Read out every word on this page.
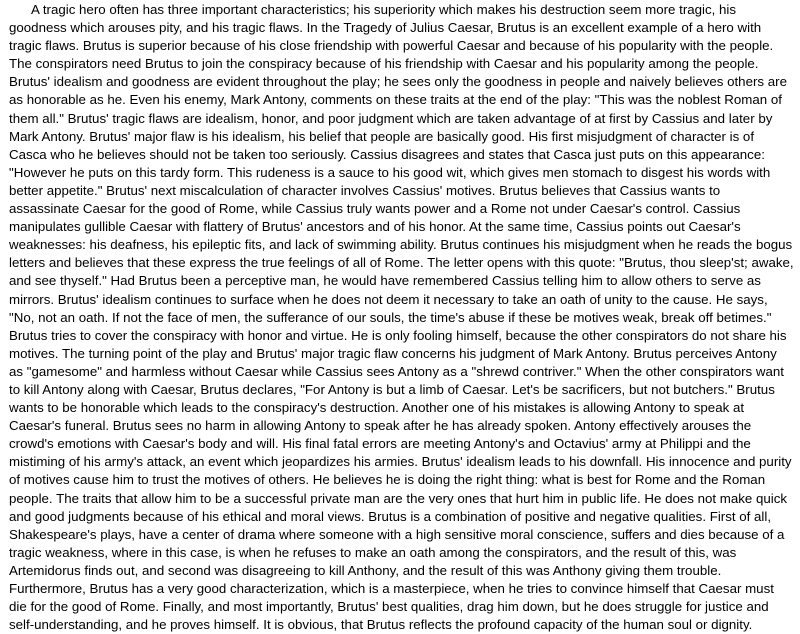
A tragic hero often has three important characteristics; his superiority which makes his destruction seem more tragic, his goodness which arouses pity, and his tragic flaws. In the Tragedy of Julius Caesar, Brutus is an excellent example of a hero with tragic flaws. Brutus is superior because of his close friendship with powerful Caesar and because of his popularity with the people. The conspirators need Brutus to join the conspiracy because of his friendship with Caesar and his popularity among the people. Brutus' idealism and goodness are evident throughout the play; he sees only the goodness in people and naively believes others are as honorable as he. Even his enemy, Mark Antony, comments on these traits at the end of the play: "This was the noblest Roman of them all." Brutus' tragic flaws are idealism, honor, and poor judgment which are taken advantage of at first by Cassius and later by Mark Antony. Brutus' major flaw is his idealism, his belief that people are basically good. His first misjudgment of character is of Casca who he believes should not be taken too seriously. Cassius disagrees and states that Casca just puts on this appearance: "However he puts on this tardy form. This rudeness is a sauce to his good wit, which gives men stomach to disgest his words with better appetite." Brutus' next miscalculation of character involves Cassius' motives. Brutus believes that Cassius wants to assassinate Caesar for the good of Rome, while Cassius truly wants power and a Rome not under Caesar's control. Cassius manipulates gullible Caesar with flattery of Brutus' ancestors and of his honor. At the same time, Cassius points out Caesar's weaknesses: his deafness, his epileptic fits, and lack of swimming ability. Brutus continues his misjudgment when he reads the bogus letters and believes that these express the true feelings of all of Rome. The letter opens with this quote: "Brutus, thou sleep'st; awake, and see thyself." Had Brutus been a perceptive man, he would have remembered Cassius telling him to allow others to serve as mirrors. Brutus' idealism continues to surface when he does not deem it necessary to take an oath of unity to the cause. He says, "No, not an oath. If not the face of men, the sufferance of our souls, the time's abuse if these be motives weak, break off betimes." Brutus tries to cover the conspiracy with honor and virtue. He is only fooling himself, because the other conspirators do not share his motives. The turning point of the play and Brutus' major tragic flaw concerns his judgment of Mark Antony. Brutus perceives Antony as "gamesome" and harmless without Caesar while Cassius sees Antony as a "shrewd contriver." When the other conspirators want to kill Antony along with Caesar, Brutus declares, "For Antony is but a limb of Caesar. Let's be sacrificers, but not butchers." Brutus wants to be honorable which leads to the conspiracy's destruction. Another one of his mistakes is allowing Antony to speak at Caesar's funeral. Brutus sees no harm in allowing Antony to speak after he has already spoken. Antony effectively arouses the crowd's emotions with Caesar's body and will. His final fatal errors are meeting Antony's and Octavius' army at Philippi and the mistiming of his army's attack, an event which jeopardizes his armies. Brutus' idealism leads to his downfall. His innocence and purity of motives cause him to trust the motives of others. He believes he is doing the right thing: what is best for Rome and the Roman people. The traits that allow him to be a successful private man are the very ones that hurt him in public life. He does not make quick and good judgments because of his ethical and moral views. Brutus is a combination of positive and negative qualities. First of all, Shakespeare's plays, have a center of drama where someone with a high sensitive moral conscience, suffers and dies because of a tragic weakness, where in this case, is when he refuses to make an oath among the conspirators, and the result of this, was Artemidorus finds out, and second was disagreeing to kill Anthony, and the result of this was Anthony giving them trouble. Furthermore, Brutus has a very good characterization, which is a masterpiece, when he tries to convince himself that Caesar must die for the good of Rome. Finally, and most importantly, Brutus' best qualities, drag him down, but he does struggle for justice and self-understanding, and he proves himself. It is obvious, that Brutus reflects the profound capacity of the human soul or dignity.
